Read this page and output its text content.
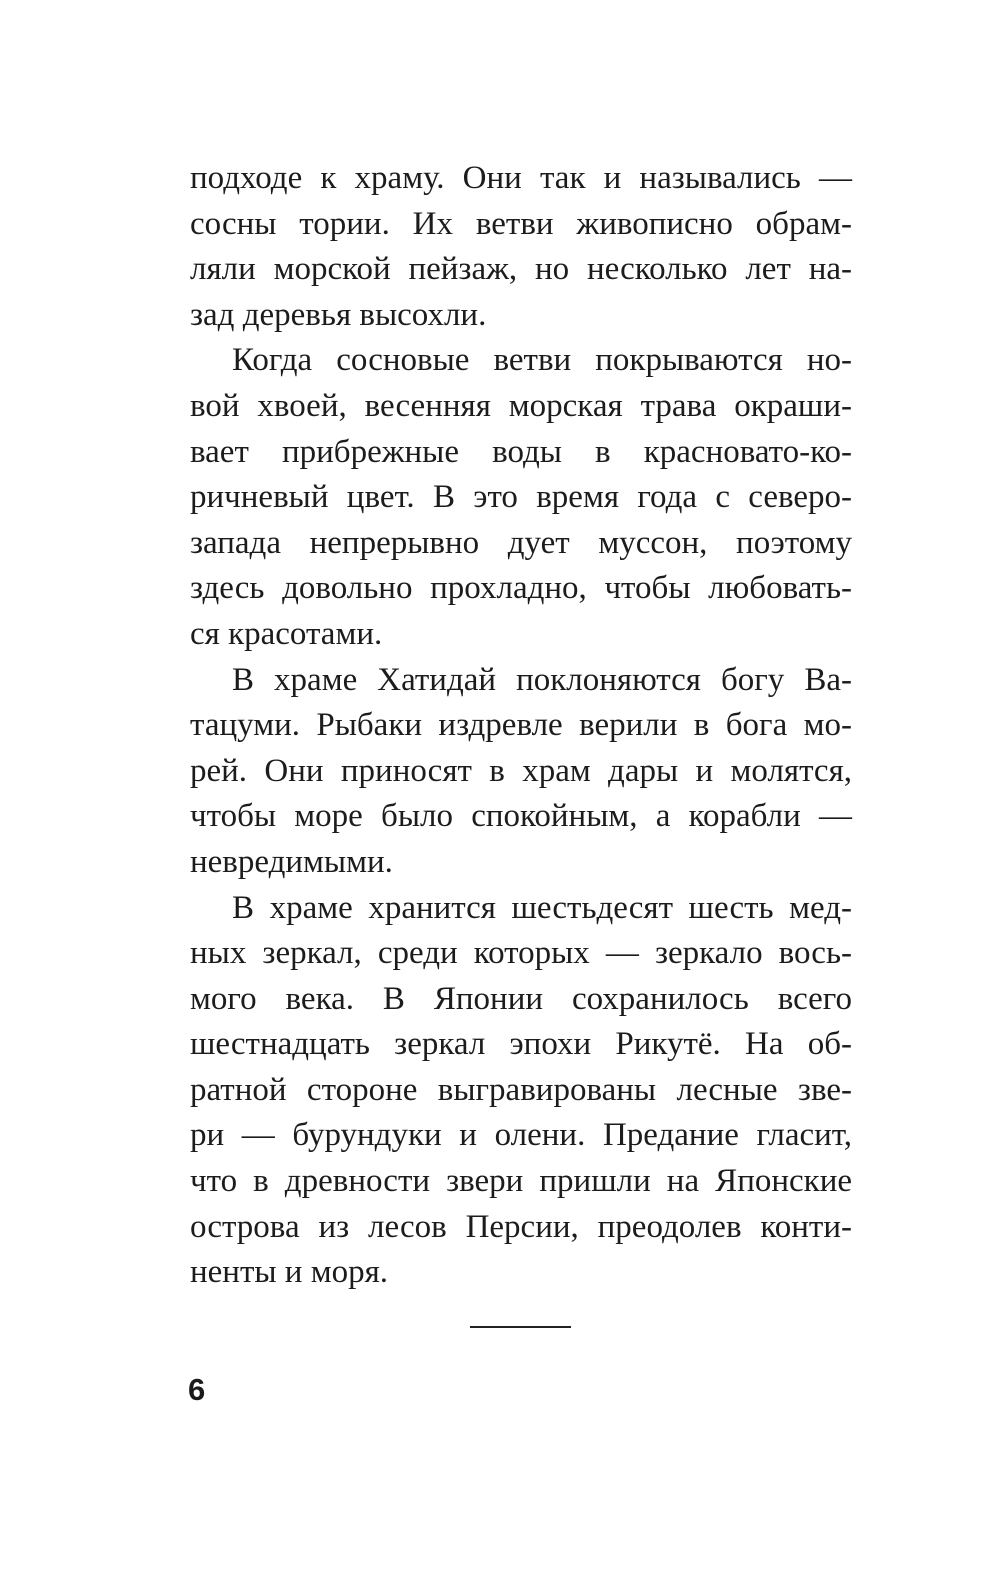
подходе к храму. Они так и назывались —
сосны тории. Их ветви живописно обрам-
ляли морской пейзаж, но несколько лет на-
зад деревья высохли.
Когда сосновые ветви покрываются но-
вой хвоей, весенняя морская трава окраши-
вает прибрежные воды в красновато-ко-
ричневый цвет. В это время года с северо-
запада непрерывно дует муссон, поэтому
здесь довольно прохладно, чтобы любовать-
ся красотами.
В храме Хатидай поклоняются богу Ва-
тацуми. Рыбаки издревле верили в бога мо-
рей. Они приносят в храм дары и молятся,
чтобы море было спокойным, а корабли —
невредимыми.
В храме хранится шестьдесят шесть мед-
ных зеркал, среди которых — зеркало вось-
мого века. В Японии сохранилось всего
шестнадцать зеркал эпохи Рикутё. На об-
ратной стороне выгравированы лесные зве-
ри — бурундуки и олени. Предание гласит,
что в древности звери пришли на Японские
острова из лесов Персии, преодолев конти-
ненты и моря.
6
